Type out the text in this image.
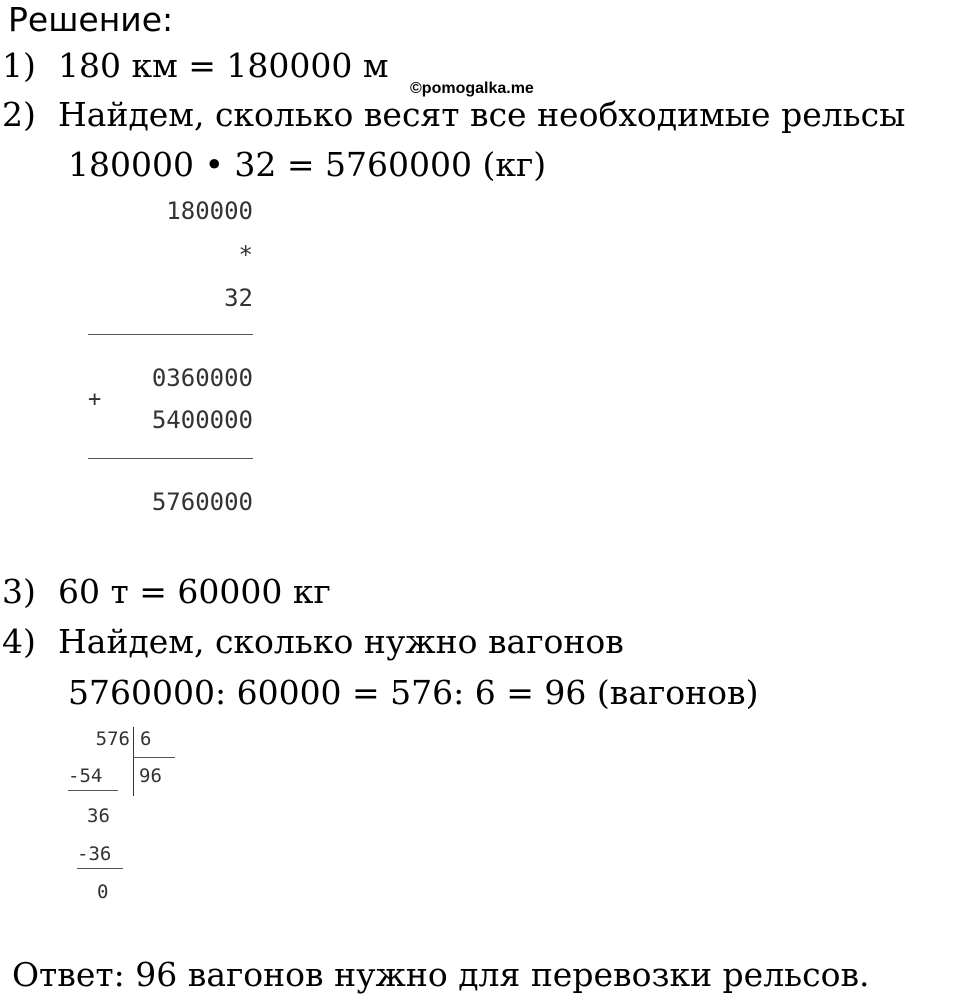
Решение:
1) 180 км = 180000 м
©pomogalka.me
2) Найдем, сколько весят все необходимые рельсы
180000 • 32 = 5760000 (кг)
180000
*
32
0360000
+
5400000
5760000
3) 60 т = 60000 кг
4) Найдем, сколько нужно вагонов
5760000: 60000 = 576: 6 = 96 (вагонов)
576 6
-54 96
36
-36
0
Ответ: 96 вагонов нужно для перевозки рельсов.
